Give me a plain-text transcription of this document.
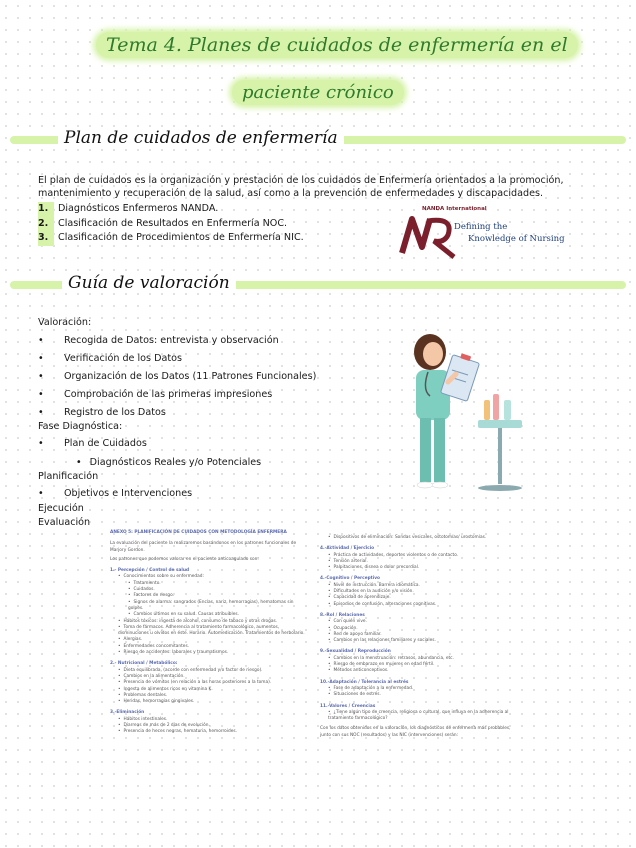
Tema 4. Planes de cuidados de enfermería en el
paciente crónico
Plan de cuidados de enfermería
El plan de cuidados es la organización y prestación de los cuidados de Enfermería orientados a la promoción, mantenimiento y recuperación de la salud, así como a la prevención de enfermedades y discapacidades.
1. Diagnósticos Enfermeros NANDA.
2. Clasificación de Resultados en Enfermería NOC.
3. Clasificación de Procedimientos de Enfermería NIC.
NANDA International
Defining the
Knowledge of Nursing
Guía de valoración
Valoración:
• Recogida de Datos: entrevista y observación
• Verificación de los Datos
• Organización de los Datos (11 Patrones Funcionales)
• Comprobación de las primeras impresiones
• Registro de los Datos
Fase Diagnóstica:
• Plan de Cuidados
• Diagnósticos Reales y/o Potenciales
Planificación
• Objetivos e Intervenciones
Ejecución
Evaluación
ANEXO 5: PLANIFICACIÓN DE CUIDADOS CON METODOLOGÍA ENFERMERA
La evaluación del paciente la realizaremos basándonos en los patrones funcionales de Marjory Gordon.
Los patrones que podemos valorar en el paciente anticoagulado son:
1.- Percepción / Control de salud
• Conocimientos sobre su enfermedad:
• Tratamiento.
• Cuidados.
• Factores de riesgo.
• Signos de alarma: sangrados (Encías, nariz, hemorragias), hematomas sin golpes.
• Cambios últimos en su salud. Causas atribuibles.
• Hábitos tóxicos: ingesta de alcohol, consumo de tabaco y otras drogas.
• Toma de fármacos. Adherencia al tratamiento farmacológico, aumentos, disminuciones u olvidos en éste. Horario. Automedicación. Tratamientos de herbolario.
• Alergias.
• Enfermedades concomitantes.
• Riesgo de accidentes: laborales y traumatismos.
2.- Nutricional / Metabólico:
• Dieta equilibrada, (acorde con enfermedad y/o factor de riesgo).
• Cambios en la alimentación.
• Presencia de vómitos (en relación a las horas posteriores a la toma).
• Ingesta de alimentos ricos en vitamina K.
• Problemas dentales.
• Heridas, hemorragias gingivales.
3.-Eliminación
• Hábitos intestinales.
• Diarreas de más de 2 días de evolución.
• Presencia de heces negras, hematuria, hemorroides.
• Dispositivos de eliminación: Sondas vesicales, ostotomías/ urostomías.
4.-Actividad / Ejercicio
• Práctica de actividades, deportes violentos o de contacto.
• Tensión arterial.
• Palpitaciones, disnea o dolor precordial.
4.-Cognitivo / Perceptivo
• Nivel de instrucción. Barrera idiomática.
• Dificultades en la audición y/o visión.
• Capacidad de aprendizaje.
• Episodios de confusión, alteraciones cognitivas.
8.-Rol / Relaciones
• Con quién vive.
• Ocupación.
• Red de apoyo familiar.
• Cambios en las relaciones familiares y sociales.
9.-Sexualidad / Reproducción
• Cambios en la menstruación: retrasos, abundancia, etc.
• Riesgo de embarazo en mujeres en edad fértil.
• Métodos anticonceptivos.
10.-Adaptación / Tolerancia al estrés
• Fase de adaptación a la enfermedad.
• Situaciones de estrés.
11.-Valores / Creencias
• ¿Tiene algún tipo de creencia, religiosa o cultural, que influya en la adherencia al tratamiento farmacológico?
Con los datos obtenidos en la valoración, los diagnósticos de enfermería más probables, junto con sus NOC (resultados) y las NIC (intervenciones) serán:
